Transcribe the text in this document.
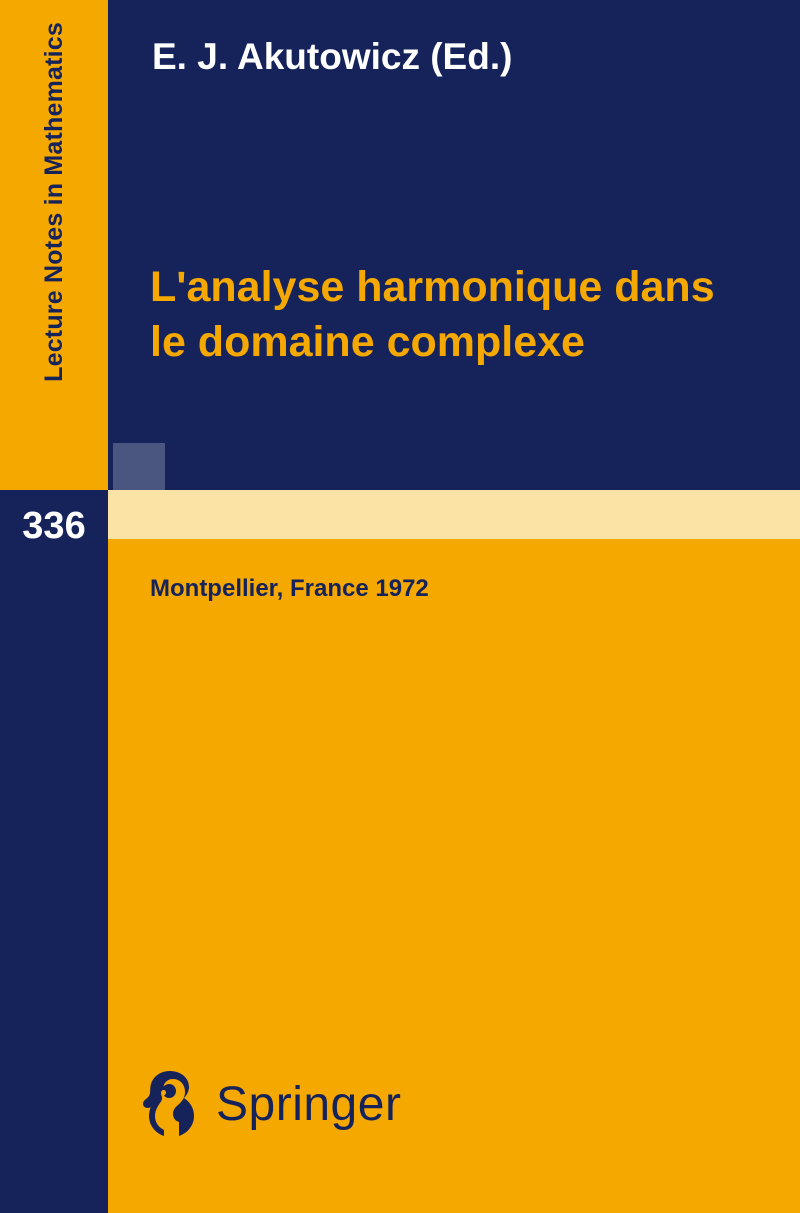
Lecture Notes in Mathematics
336
E. J. Akutowicz (Ed.)
L'analyse harmonique dans le domaine complexe
Montpellier, France 1972
Springer
